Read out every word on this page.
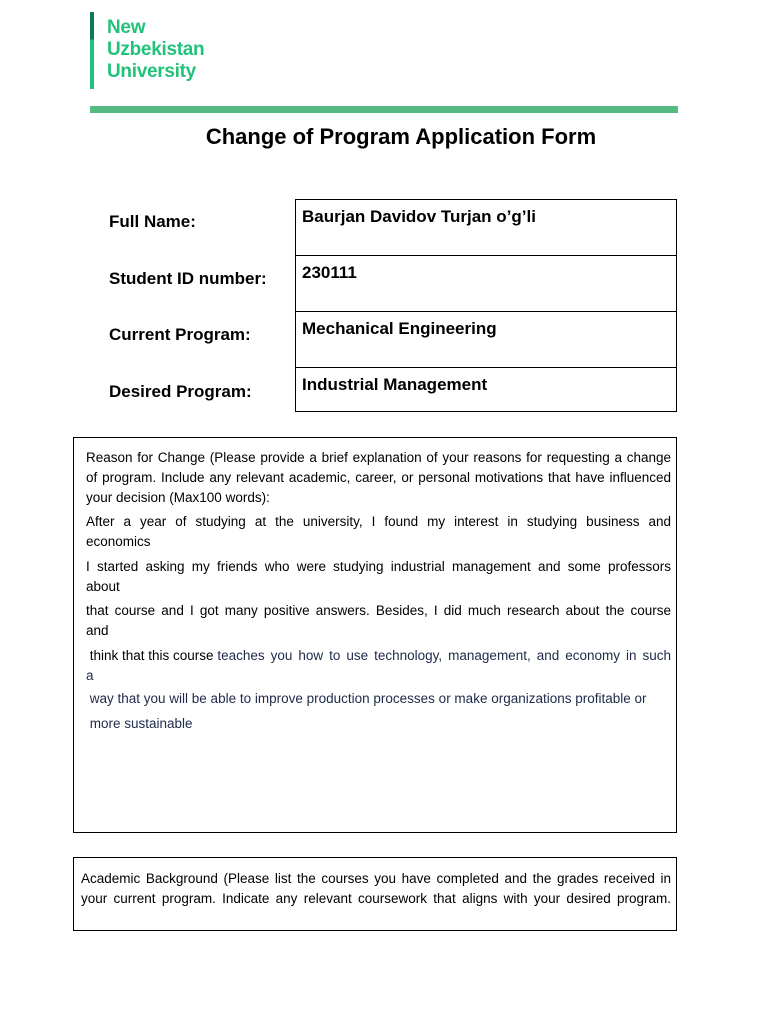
New
Uzbekistan
University
Change of Program Application Form
Full Name:
Student ID number:
Current Program:
Desired Program:
Baurjan Davidov Turjan o’g’li
230111
Mechanical Engineering
Industrial Management
Reason for Change (Please provide a brief explanation of your reasons for requesting a change
of program. Include any relevant academic, career, or personal motivations that have influenced
your decision (Max100 words):
After a year of studying at the university, I found my interest in studying business and
economics
I started asking my friends who were studying industrial management and some professors
about
that course and I got many positive answers. Besides, I did much research about the course
and
think that this course teaches you how to use technology, management, and economy in such
a
way that you will be able to improve production processes or make organizations profitable or
more sustainable
Academic Background (Please list the courses you have completed and the grades received in
your current program. Indicate any relevant coursework that aligns with your desired program.
